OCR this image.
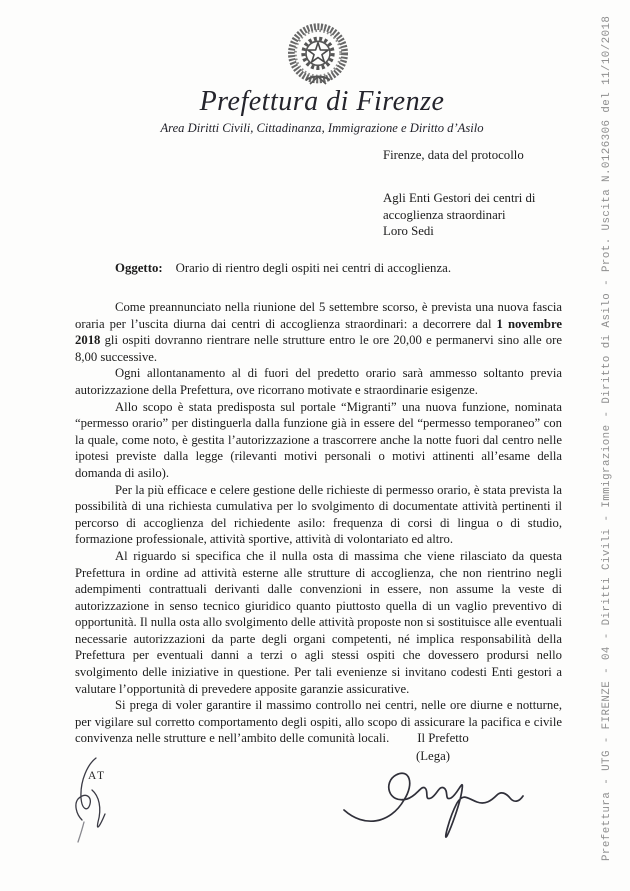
Prefettura - UTG - FIRENZE - 04 - Diritti Civili - Immigrazione - Diritto di Asilo - Prot. Uscita N.0126306 del 11/10/2018
Prefettura di Firenze
Area Diritti Civili, Cittadinanza, Immigrazione e Diritto d’Asilo
Firenze, data del protocollo
Agli Enti Gestori dei centri di
accoglienza straordinari
Loro Sedi
Oggetto: Orario di rientro degli ospiti nei centri di accoglienza.

Come preannunciato nella riunione del 5 settembre scorso, è prevista una nuova fascia oraria per l’uscita diurna dai centri di accoglienza straordinari: a decorrere dal 1 novembre 2018 gli ospiti dovranno rientrare nelle strutture entro le ore 20,00 e permanervi sino alle ore 8,00 successive.

Ogni allontanamento al di fuori del predetto orario sarà ammesso soltanto previa autorizzazione della Prefettura, ove ricorrano motivate e straordinarie esigenze.

Allo scopo è stata predisposta sul portale “Migranti” una nuova funzione, nominata “permesso orario” per distinguerla dalla funzione già in essere del “permesso temporaneo” con la quale, come noto, è gestita l’autorizzazione a trascorrere anche la notte fuori dal centro nelle ipotesi previste dalla legge (rilevanti motivi personali o motivi attinenti all’esame della domanda di asilo).

Per la più efficace e celere gestione delle richieste di permesso orario, è stata prevista la possibilità di una richiesta cumulativa per lo svolgimento di documentate attività pertinenti il percorso di accoglienza del richiedente asilo: frequenza di corsi di lingua o di studio, formazione professionale, attività sportive, attività di volontariato ed altro.

Al riguardo si specifica che il nulla osta di massima che viene rilasciato da questa Prefettura in ordine ad attività esterne alle strutture di accoglienza, che non rientrino negli adempimenti contrattuali derivanti dalle convenzioni in essere, non assume la veste di autorizzazione in senso tecnico giuridico quanto piuttosto quella di un vaglio preventivo di opportunità. Il nulla osta allo svolgimento delle attività proposte non si sostituisce alle eventuali necessarie autorizzazioni da parte degli organi competenti, né implica responsabilità della Prefettura per eventuali danni a terzi o agli stessi ospiti che dovessero prodursi nello svolgimento delle iniziative in questione. Per tali evenienze si invitano codesti Enti gestori a valutare l’opportunità di prevedere apposite garanzie assicurative.

Si prega di voler garantire il massimo controllo nei centri, nelle ore diurne e notturne, per vigilare sul corretto comportamento degli ospiti, allo scopo di assicurare la pacifica e civile convivenza nelle strutture e nell’ambito delle comunità locali.	Il Prefetto
(Lega)
AT
